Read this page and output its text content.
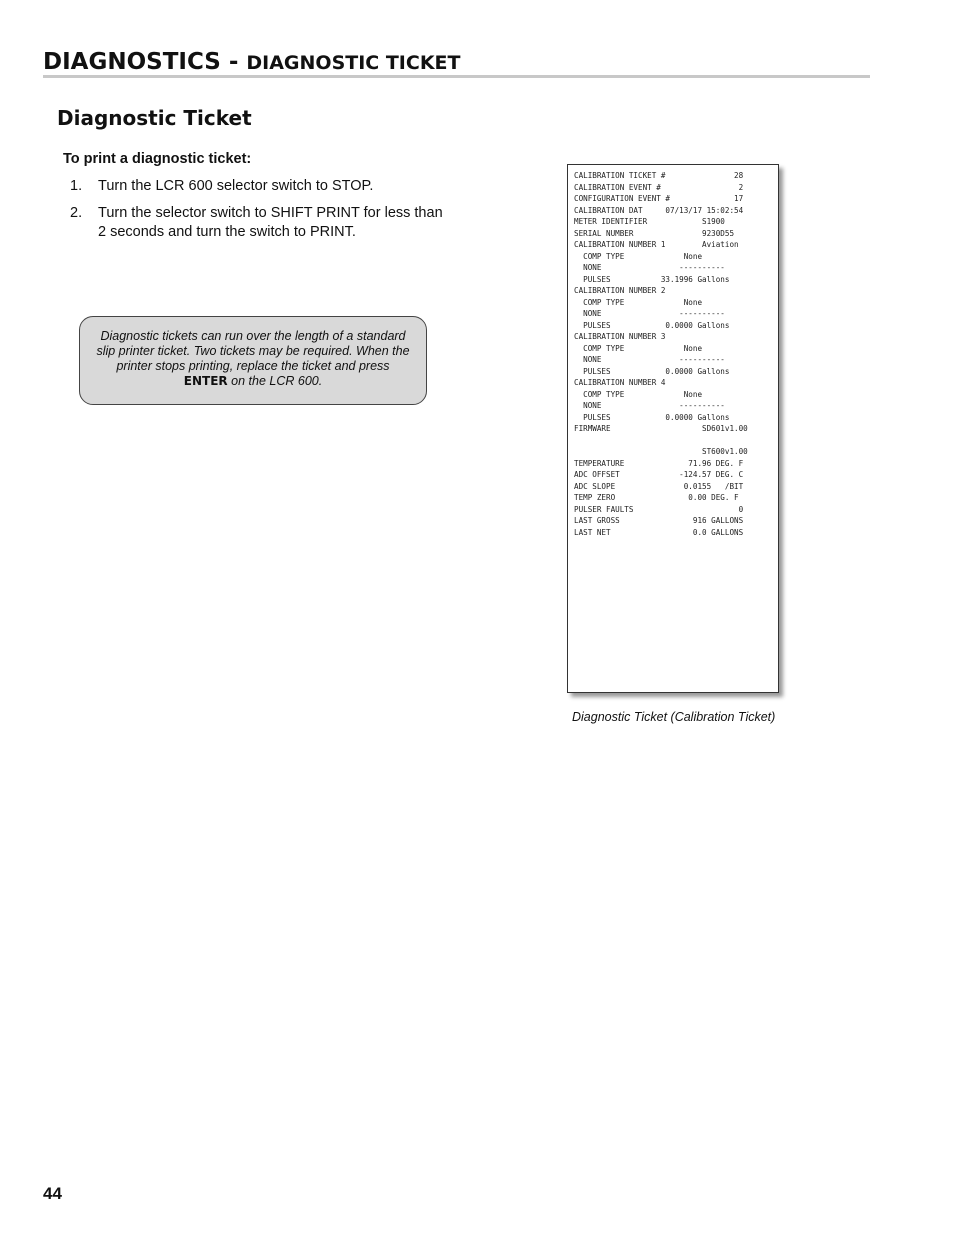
DIAGNOSTICS - DIAGNOSTIC TICKET
Diagnostic Ticket
To print a diagnostic ticket:
1. Turn the LCR 600 selector switch to STOP.
2. Turn the selector switch to SHIFT PRINT for less than 2 seconds and turn the switch to PRINT.
Diagnostic tickets can run over the length of a standard slip printer ticket. Two tickets may be required. When the printer stops printing, replace the ticket and press ENTER on the LCR 600.
CALIBRATION TICKET #               28
CALIBRATION EVENT #                 2
CONFIGURATION EVENT #              17
CALIBRATION DAT     07/13/17 15:02:54
METER IDENTIFIER            S1900
SERIAL NUMBER               9230D55
CALIBRATION NUMBER 1        Aviation
COMP TYPE             None
NONE                 ----------
PULSES           33.1996 Gallons
CALIBRATION NUMBER 2
COMP TYPE             None
NONE                 ----------
PULSES            0.0000 Gallons
CALIBRATION NUMBER 3
COMP TYPE             None
NONE                 ----------
PULSES            0.0000 Gallons
CALIBRATION NUMBER 4
COMP TYPE             None
NONE                 ----------
PULSES            0.0000 Gallons
FIRMWARE                    SD601v1.00
ST600v1.00
TEMPERATURE              71.96 DEG. F
ADC OFFSET             -124.57 DEG. C
ADC SLOPE               0.0155   /BIT
TEMP ZERO                0.00 DEG. F
PULSER FAULTS                       0
LAST GROSS                916 GALLONS
LAST NET                  0.0 GALLONS
Diagnostic Ticket (Calibration Ticket)
44
